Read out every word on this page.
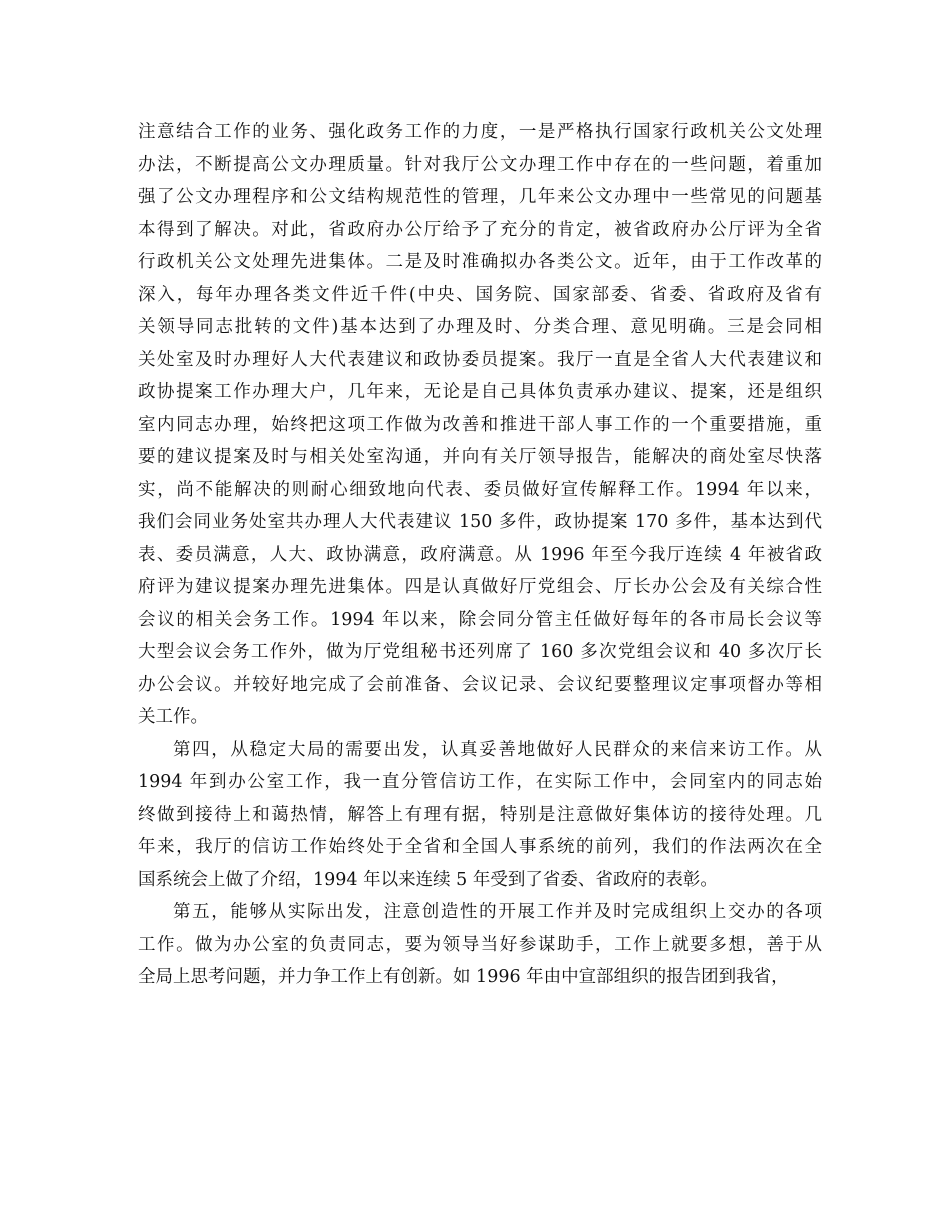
注意结合工作的业务、强化政务工作的力度，一是严格执行国家行政机关公文处理
办法，不断提高公文办理质量。针对我厅公文办理工作中存在的一些问题，着重加
强了公文办理程序和公文结构规范性的管理，几年来公文办理中一些常见的问题基
本得到了解决。对此，省政府办公厅给予了充分的肯定，被省政府办公厅评为全省
行政机关公文处理先进集体。二是及时准确拟办各类公文。近年，由于工作改革的
深入，每年办理各类文件近千件(中央、国务院、国家部委、省委、省政府及省有
关领导同志批转的文件)基本达到了办理及时、分类合理、意见明确。三是会同相
关处室及时办理好人大代表建议和政协委员提案。我厅一直是全省人大代表建议和
政协提案工作办理大户，几年来，无论是自己具体负责承办建议、提案，还是组织
室内同志办理，始终把这项工作做为改善和推进干部人事工作的一个重要措施，重
要的建议提案及时与相关处室沟通，并向有关厅领导报告，能解决的商处室尽快落
实，尚不能解决的则耐心细致地向代表、委员做好宣传解释工作。1994 年以来，
我们会同业务处室共办理人大代表建议 150 多件，政协提案 170 多件，基本达到代
表、委员满意，人大、政协满意，政府满意。从 1996 年至今我厅连续 4 年被省政
府评为建议提案办理先进集体。四是认真做好厅党组会、厅长办公会及有关综合性
会议的相关会务工作。1994 年以来，除会同分管主任做好每年的各市局长会议等
大型会议会务工作外，做为厅党组秘书还列席了 160 多次党组会议和 40 多次厅长
办公会议。并较好地完成了会前准备、会议记录、会议纪要整理议定事项督办等相
关工作。
第四，从稳定大局的需要出发，认真妥善地做好人民群众的来信来访工作。从
1994 年到办公室工作，我一直分管信访工作，在实际工作中，会同室内的同志始
终做到接待上和蔼热情，解答上有理有据，特别是注意做好集体访的接待处理。几
年来，我厅的信访工作始终处于全省和全国人事系统的前列，我们的作法两次在全
国系统会上做了介绍，1994 年以来连续 5 年受到了省委、省政府的表彰。
第五，能够从实际出发，注意创造性的开展工作并及时完成组织上交办的各项
工作。做为办公室的负责同志，要为领导当好参谋助手，工作上就要多想，善于从
全局上思考问题，并力争工作上有创新。如 1996 年由中宣部组织的报告团到我省，
